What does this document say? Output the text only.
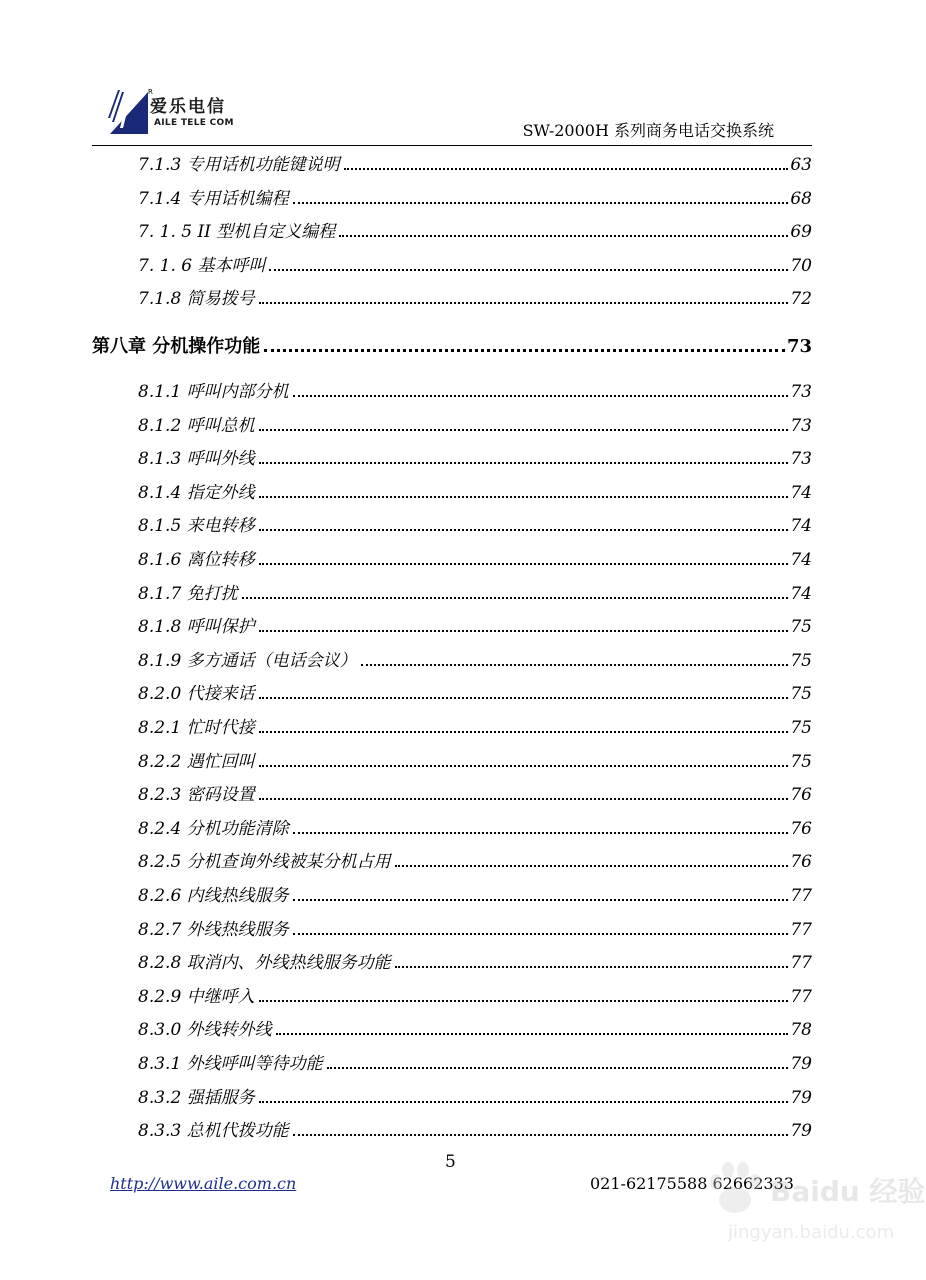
R
爱乐电信
AILE TELE COM	SW-2000H 系列商务电话交换系统
7.1.3 专用话机功能键说明	63
7.1.4 专用话机编程	68
7. 1. 5 II 型机自定义编程	69
7. 1. 6 基本呼叫	70
7.1.8 简易拨号	72
第八章 分机操作功能	73
8.1.1 呼叫内部分机	73
8.1.2 呼叫总机	73
8.1.3 呼叫外线	73
8.1.4 指定外线	74
8.1.5 来电转移	74
8.1.6 离位转移	74
8.1.7 免打扰	74
8.1.8 呼叫保护	75
8.1.9 多方通话（电话会议）	75
8.2.0 代接来话	75
8.2.1 忙时代接	75
8.2.2 遇忙回叫	75
8.2.3 密码设置	76
8.2.4 分机功能清除	76
8.2.5 分机查询外线被某分机占用	76
8.2.6 内线热线服务	77
8.2.7 外线热线服务	77
8.2.8 取消内、外线热线服务功能	77
8.2.9 中继呼入	77
8.3.0 外线转外线	78
8.3.1 外线呼叫等待功能	79
8.3.2 强插服务	79
8.3.3 总机代拨功能	79
5
http://www.aile.com.cn	021-62175588 62662333
Baidu 经验
jingyan.baidu.com
